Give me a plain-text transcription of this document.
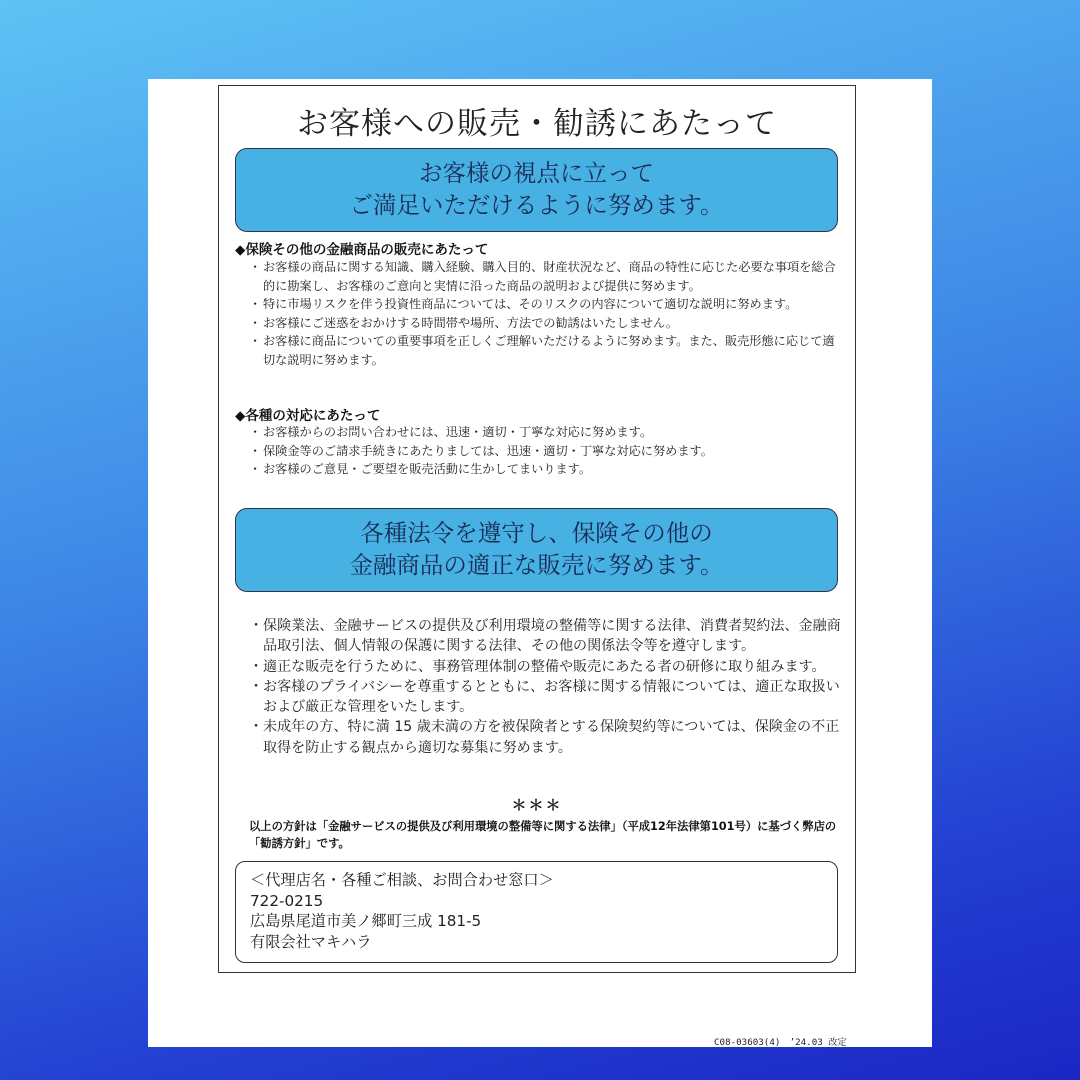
お客様への販売・勧誘にあたって
お客様の視点に立って
ご満足いただけるように努めます。

◆保険その他の金融商品の販売にあたって

・ お客様の商品に関する知識、購入経験、購入目的、財産状況など、商品の特性に応じた必要な事項を総合的に勘案し、お客様のご意向と実情に沿った商品の説明および提供に努めます。
・ 特に市場リスクを伴う投資性商品については、そのリスクの内容について適切な説明に努めます。
・ お客様にご迷惑をおかけする時間帯や場所、方法での勧誘はいたしません。
・ お客様に商品についての重要事項を正しくご理解いただけるように努めます。また、販売形態に応じて適切な説明に努めます。

◆各種の対応にあたって

・ お客様からのお問い合わせには、迅速・適切・丁寧な対応に努めます。
・ 保険金等のご請求手続きにあたりましては、迅速・適切・丁寧な対応に努めます。
・ お客様のご意見・ご要望を販売活動に生かしてまいります。
各種法令を遵守し、保険その他の
金融商品の適正な販売に努めます。
・ 保険業法、金融サービスの提供及び利用環境の整備等に関する法律、消費者契約法、金融商品取引法、個人情報の保護に関する法律、その他の関係法令等を遵守します。
・ 適正な販売を行うために、事務管理体制の整備や販売にあたる者の研修に取り組みます。
・ お客様のプライバシーを尊重するとともに、お客様に関する情報については、適正な取扱いおよび厳正な管理をいたします。
・ 未成年の方、特に満 15 歳未満の方を被保険者とする保険契約等については、保険金の不正取得を防止する観点から適切な募集に努めます。

＊＊＊

以上の方針は「金融サービスの提供及び利用環境の整備等に関する法律」（平成12年法律第101号）に基づく弊店の「勧誘方針」です。

＜代理店名・各種ご相談、お問合わせ窓口＞
722-0215
広島県尾道市美ノ郷町三成 181-5
有限会社マキハラ
C08-03603(4)　’24.03 改定
